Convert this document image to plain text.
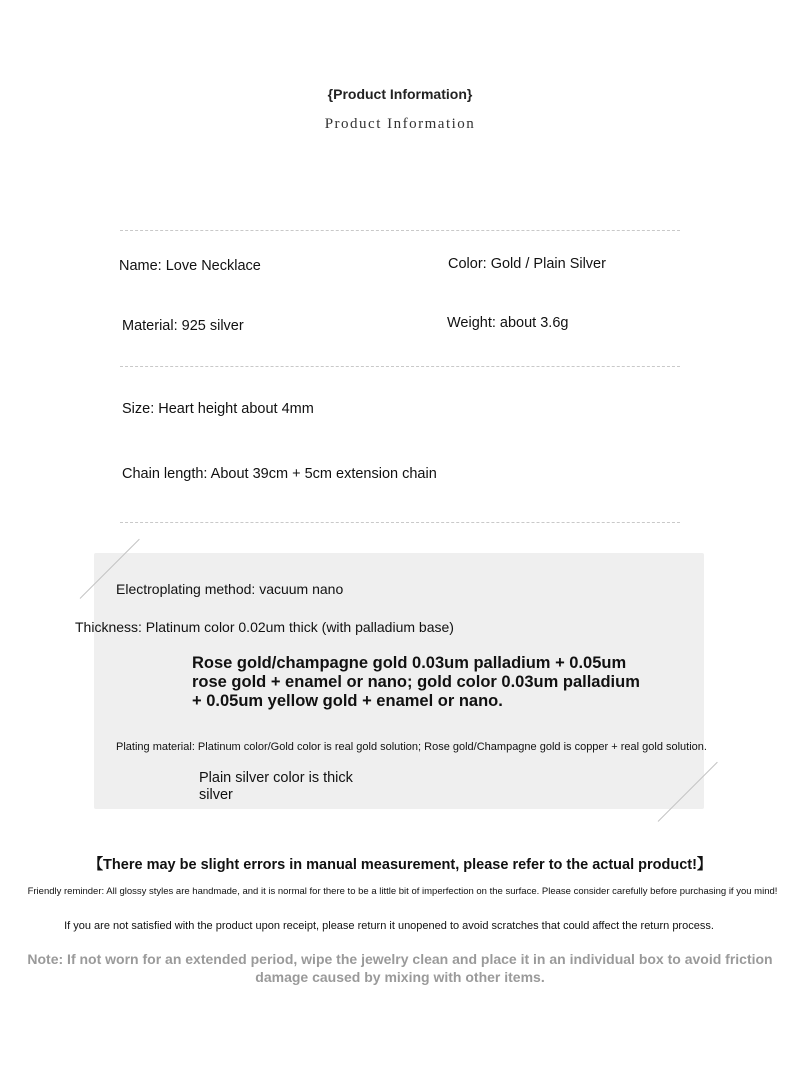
{Product Information}
Product Information
Name: Love Necklace	Color: Gold / Plain Silver
Material: 925 silver	Weight: about 3.6g
Size: Heart height about 4mm
Chain length: About 39cm + 5cm extension chain
Electroplating method: vacuum nano
Thickness: Platinum color 0.02um thick (with palladium base)
Rose gold/champagne gold 0.03um palladium + 0.05um
rose gold + enamel or nano; gold color 0.03um palladium
+ 0.05um yellow gold + enamel or nano.
Plating material: Platinum color/Gold color is real gold solution; Rose gold/Champagne gold is copper + real gold solution.
Plain silver color is thick
silver
【There may be slight errors in manual measurement, please refer to the actual product!】
Friendly reminder: All glossy styles are handmade, and it is normal for there to be a little bit of imperfection on the surface. Please consider carefully before purchasing if you mind!
If you are not satisfied with the product upon receipt, please return it unopened to avoid scratches that could affect the return process.
Note: If not worn for an extended period, wipe the jewelry clean and place it in an individual box to avoid friction damage caused by mixing with other items.
